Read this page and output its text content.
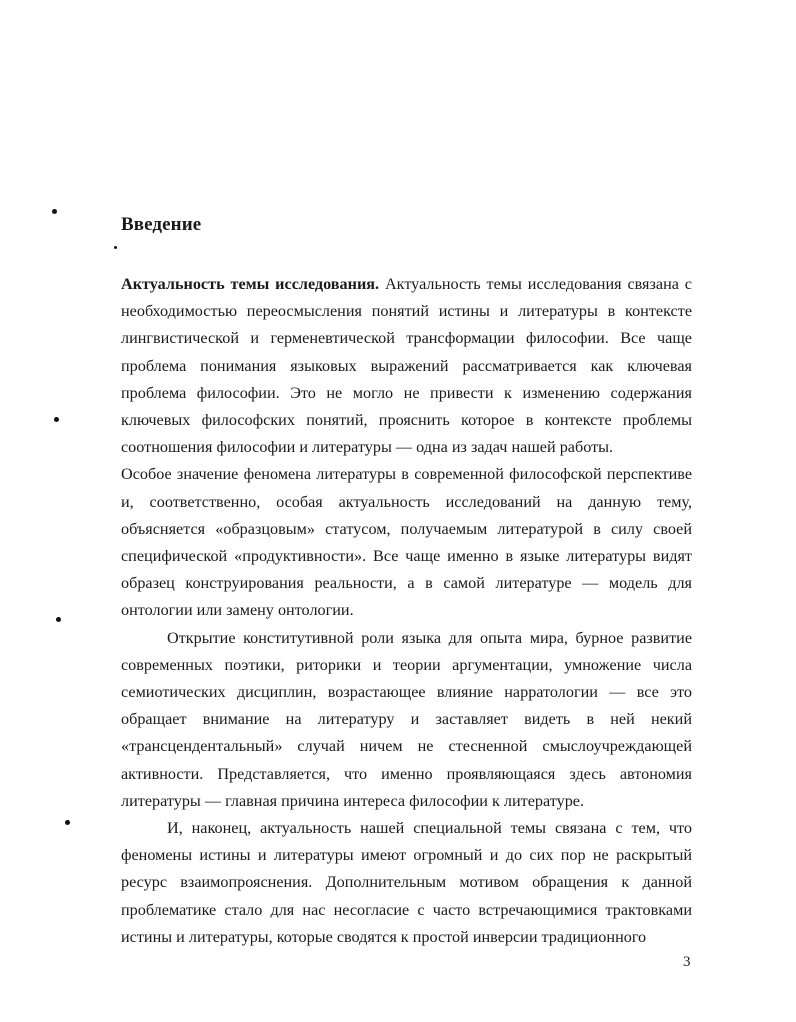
Введение

Актуальность темы исследования. Актуальность темы исследования связана с необходимостью переосмысления понятий истины и литературы в контексте лингвистической и герменевтической трансформации философии. Все чаще проблема понимания языковых выражений рассматривается как ключевая проблема философии. Это не могло не привести к изменению содержания ключевых философских понятий, прояснить которое в контексте проблемы соотношения философии и литературы — одна из задач нашей работы.

Особое значение феномена литературы в современной философской перспективе и, соответственно, особая актуальность исследований на данную тему, объясняется «образцовым» статусом, получаемым литературой в силу своей специфической «продуктивности». Все чаще именно в языке литературы видят образец конструирования реальности, а в самой литературе — модель для онтологии или замену онтологии.

Открытие конститутивной роли языка для опыта мира, бурное развитие современных поэтики, риторики и теории аргументации, умножение числа семиотических дисциплин, возрастающее влияние нарратологии — все это обращает внимание на литературу и заставляет видеть в ней некий «трансцендентальный» случай ничем не стесненной смыслоучреждающей активности. Представляется, что именно проявляющаяся здесь автономия литературы — главная причина интереса философии к литературе.

И, наконец, актуальность нашей специальной темы связана с тем, что феномены истины и литературы имеют огромный и до сих пор не раскрытый ресурс взаимопрояснения. Дополнительным мотивом обращения к данной проблематике стало для нас несогласие с часто встречающимися трактовками истины и литературы, которые сводятся к простой инверсии традиционного

3
